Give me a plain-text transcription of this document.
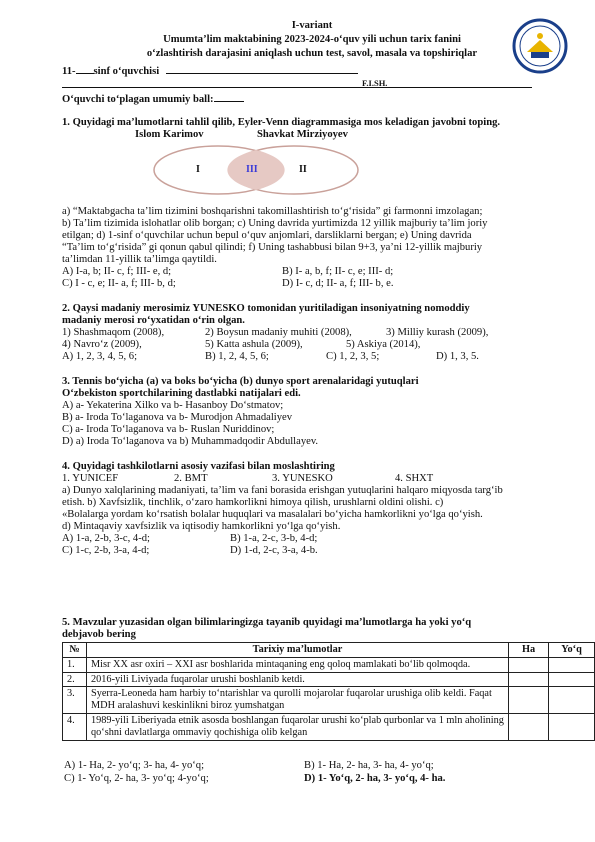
I-variant
Umumta’lim maktabining 2023-2024-o‘quv yili uchun tarix fanini
o‘zlashtirish darajasini aniqlash uchun test, savol, masala va topshiriqlar
11- sinf o‘quvchisi
F.I.SH.
O‘quvchi to‘plagan umumiy ball:
1. Quyidagi ma’lumotlarni tahlil qilib, Eyler-Venn diagrammasiga mos keladigan javobni toping.
Islom Karimov	Shavkat Mirziyoyev
I	III	II
a) “Maktabgacha ta’lim tizimini boshqarishni takomillashtirish to‘g‘risida” gi farmonni imzolagan;
b) Ta’lim tizimida islohatlar olib borgan; c) Uning davrida yurtimizda 12 yillik majburiy ta’lim joriy
etilgan; d) 1-sinf o‘quvchilar uchun bepul o‘quv anjomlari, darsliklarni bergan; e) Uning davrida
“Ta’lim to‘g‘risida” gi qonun qabul qilindi; f) Uning tashabbusi bilan 9+3, ya’ni 12-yillik majburiy
ta’limdan 11-yillik ta’limga qaytildi.
A) I-a, b; II- c, f; III- e, d;	B) I- a, b, f; II- c, e; III- d;
C) I - c, e; II- a, f; III- b, d;	D) I- c, d; II- a, f; III- b, e.
2. Qaysi madaniy merosimiz YUNESKO tomonidan yuritiladigan insoniyatning nomoddiy
madaniy merosi ro‘yxatidan o‘rin olgan.
1) Shashmaqom (2008),	2) Boysun madaniy muhiti (2008),	3) Milliy kurash (2009),
4) Navro‘z (2009),	5) Katta ashula (2009),	5) Askiya (2014),
A) 1, 2, 3, 4, 5, 6;	B) 1, 2, 4, 5, 6;	C) 1, 2, 3, 5;	D) 1, 3, 5.
3. Tennis bo‘yicha (a) va boks bo‘yicha (b) dunyo sport arenalaridagi yutuqlari
O‘zbekiston sportchilarining dastlabki natijalari edi.
A) a- Yekaterina Xilko va b- Hasanboy Do‘stmatov;
B) a- Iroda To‘laganova va b- Murodjon Ahmadaliyev
C) a- Iroda To‘laganova va b- Ruslan Nuriddinov;
D) a) Iroda To‘laganova va b) Muhammadqodir Abdullayev.
4. Quyidagi tashkilotlarni asosiy vazifasi bilan moslashtiring
1. YUNICEF	2. BMT	3. YUNESKO	4. SHXT
a) Dunyo xalqlarining madaniyati, ta’lim va fani borasida erishgan yutuqlarini halqaro miqyosda targ‘ib
etish. b) Xavfsizlik, tinchlik, o‘zaro hamkorlikni himoya qilish, urushlarni oldini olishi. c)
«Bolalarga yordam ko‘rsatish bolalar huquqlari va masalalari bo‘yicha hamkorlikni yo‘lga qo‘yish.
d) Mintaqaviy xavfsizlik va iqtisodiy hamkorlikni yo‘lga qo‘yish.
A) 1-a, 2-b, 3-c, 4-d;	B) 1-a, 2-c, 3-b, 4-d;
C) 1-c, 2-b, 3-a, 4-d;	D) 1-d, 2-c, 3-a, 4-b.
5. Mavzular yuzasidan olgan bilimlaringizga tayanib quyidagi ma’lumotlarga ha yoki yo‘q
debjavob bering
№	Tarixiy ma’lumotlar	Ha	Yo‘q
1.	Misr XX asr oxiri – XXI asr boshlarida mintaqaning eng qoloq mamlakati bo‘lib qolmoqda.		
2.	2016-yili Liviyada fuqarolar urushi boshlanib ketdi.		
3.	Syerra-Leoneda ham harbiy to‘ntarishlar va qurolli mojarolar fuqarolar urushiga olib keldi. Faqat MDH aralashuvi keskinlikni biroz yumshatgan		
4.	1989-yili Liberiyada etnik asosda boshlangan fuqarolar urushi ko‘plab qurbonlar va 1 mln aholining qo‘shni davlatlarga ommaviy qochishiga olib kelgan		
A) 1- Ha, 2- yo‘q; 3- ha, 4- yo‘q;	B) 1- Ha, 2- ha, 3- ha, 4- yo‘q;
C) 1- Yo‘q, 2- ha, 3- yo‘q; 4-yo‘q;	D) 1- Yo‘q, 2- ha, 3- yo‘q, 4- ha.
